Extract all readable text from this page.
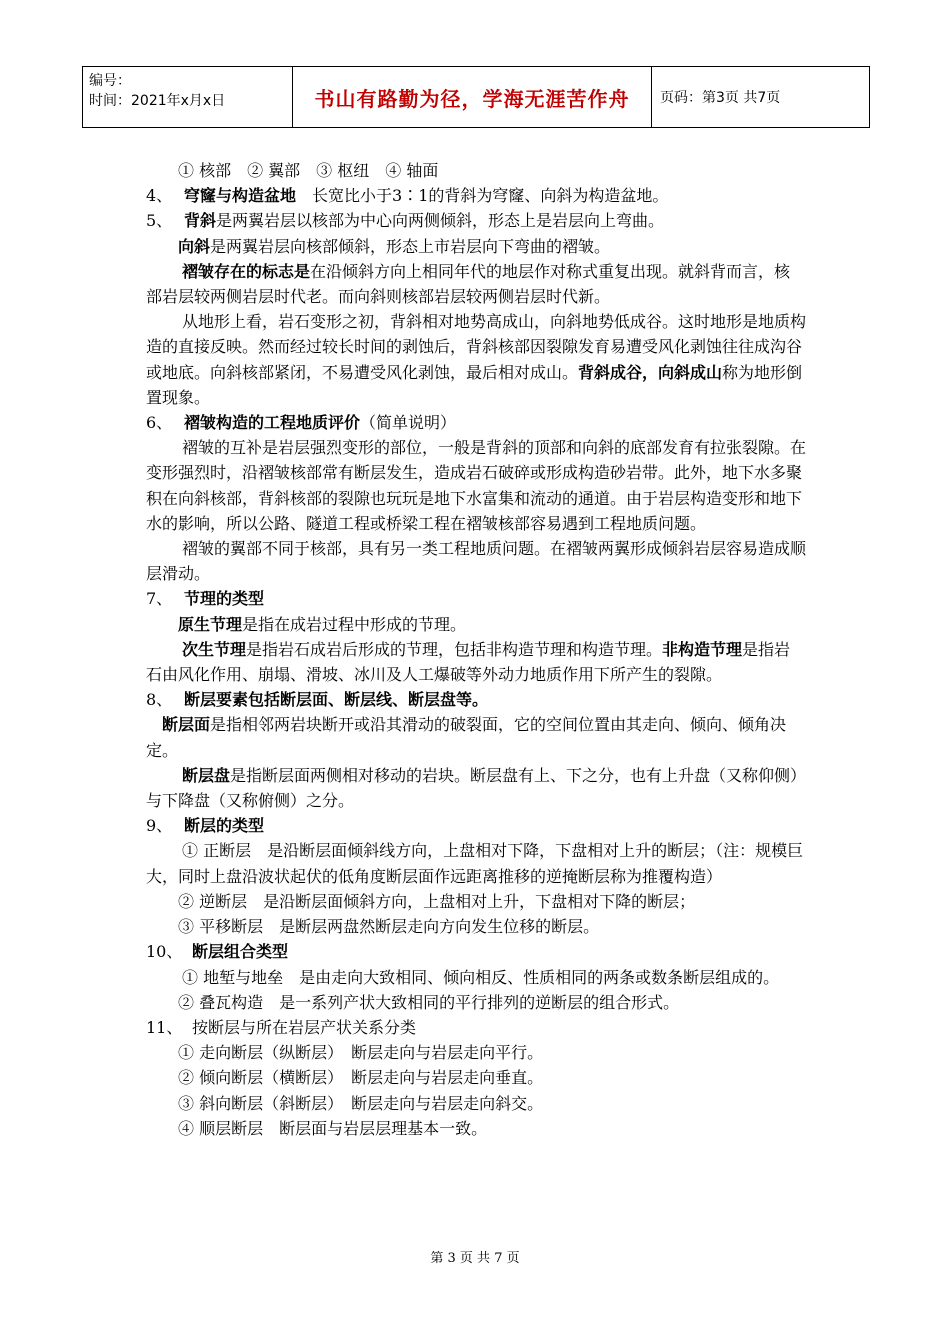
编号：
时间：2021年x月x日	书山有路勤为径，学海无涯苦作舟	页码：第3页 共7页

① 核部　② 翼部　③ 枢纽　④ 轴面

4、 穹窿与构造盆地　长宽比小于3∶1的背斜为穹窿、向斜为构造盆地。

5、 背斜是两翼岩层以核部为中心向两侧倾斜，形态上是岩层向上弯曲。

向斜是两翼岩层向核部倾斜，形态上市岩层向下弯曲的褶皱。

褶皱存在的标志是在沿倾斜方向上相同年代的地层作对称式重复出现。就斜背而言，核部岩层较两侧岩层时代老。而向斜则核部岩层较两侧岩层时代新。

从地形上看，岩石变形之初，背斜相对地势高成山，向斜地势低成谷。这时地形是地质构造的直接反映。然而经过较长时间的剥蚀后，背斜核部因裂隙发育易遭受风化剥蚀往往成沟谷或地底。向斜核部紧闭，不易遭受风化剥蚀，最后相对成山。背斜成谷，向斜成山称为地形倒置现象。

6、 褶皱构造的工程地质评价（简单说明）

褶皱的互补是岩层强烈变形的部位，一般是背斜的顶部和向斜的底部发育有拉张裂隙。在变形强烈时，沿褶皱核部常有断层发生，造成岩石破碎或形成构造砂岩带。此外，地下水多聚积在向斜核部，背斜核部的裂隙也玩玩是地下水富集和流动的通道。由于岩层构造变形和地下水的影响，所以公路、隧道工程或桥梁工程在褶皱核部容易遇到工程地质问题。

褶皱的翼部不同于核部，具有另一类工程地质问题。在褶皱两翼形成倾斜岩层容易造成顺层滑动。

7、 节理的类型

原生节理是指在成岩过程中形成的节理。

次生节理是指岩石成岩后形成的节理，包括非构造节理和构造节理。非构造节理是指岩石由风化作用、崩塌、滑坡、冰川及人工爆破等外动力地质作用下所产生的裂隙。

8、 断层要素包括断层面、断层线、断层盘等。

断层面是指相邻两岩块断开或沿其滑动的破裂面，它的空间位置由其走向、倾向、倾角决定。

断层盘是指断层面两侧相对移动的岩块。断层盘有上、下之分，也有上升盘（又称仰侧）与下降盘（又称俯侧）之分。

9、 断层的类型

① 正断层　是沿断层面倾斜线方向，上盘相对下降，下盘相对上升的断层；（注：规模巨大，同时上盘沿波状起伏的低角度断层面作远距离推移的逆掩断层称为推覆构造）

② 逆断层　是沿断层面倾斜方向，上盘相对上升，下盘相对下降的断层；

③ 平移断层　是断层两盘然断层走向方向发生位移的断层。

10、 断层组合类型

① 地堑与地垒　是由走向大致相同、倾向相反、性质相同的两条或数条断层组成的。

② 叠瓦构造　是一系列产状大致相同的平行排列的逆断层的组合形式。

11、 按断层与所在岩层产状关系分类

① 走向断层（纵断层）　断层走向与岩层走向平行。

② 倾向断层（横断层）　断层走向与岩层走向垂直。

③ 斜向断层（斜断层）　断层走向与岩层走向斜交。

④ 顺层断层　断层面与岩层层理基本一致。

第 3 页 共 7 页
